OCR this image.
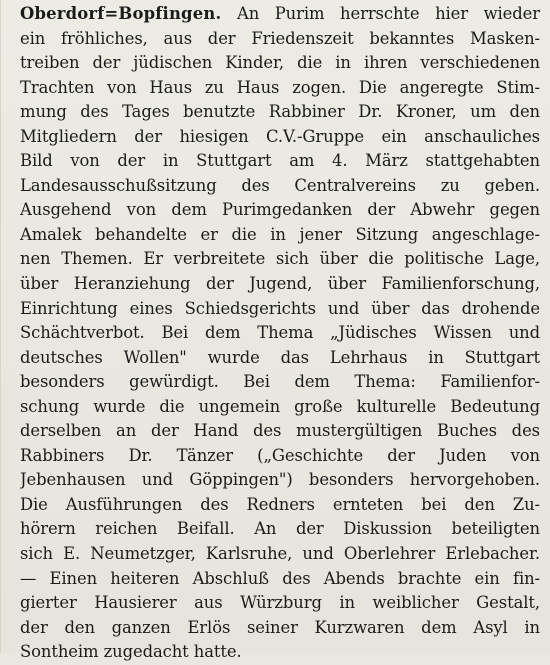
Oberdorf=Bopfingen. An Purim herrschte hier wieder
ein fröhliches, aus der Friedenszeit bekanntes Masken-
treiben der jüdischen Kinder, die in ihren verschiedenen
Trachten von Haus zu Haus zogen. Die angeregte Stim-
mung des Tages benutzte Rabbiner Dr. Kroner, um den
Mitgliedern der hiesigen C.V.-Gruppe ein anschauliches
Bild von der in Stuttgart am 4. März stattgehabten
Landesausschußsitzung des Centralvereins zu geben.
Ausgehend von dem Purimgedanken der Abwehr gegen
Amalek behandelte er die in jener Sitzung angeschlage-
nen Themen. Er verbreitete sich über die politische Lage,
über Heranziehung der Jugend, über Familienforschung,
Einrichtung eines Schiedsgerichts und über das drohende
Schächtverbot. Bei dem Thema „Jüdisches Wissen und
deutsches Wollen" wurde das Lehrhaus in Stuttgart
besonders gewürdigt. Bei dem Thema: Familienfor-
schung wurde die ungemein große kulturelle Bedeutung
derselben an der Hand des mustergültigen Buches des
Rabbiners Dr. Tänzer („Geschichte der Juden von
Jebenhausen und Göppingen") besonders hervorgehoben.
Die Ausführungen des Redners ernteten bei den Zu-
hörern reichen Beifall. An der Diskussion beteiligten
sich E. Neumetzger, Karlsruhe, und Oberlehrer Erlebacher.
— Einen heiteren Abschluß des Abends brachte ein fin-
gierter Hausierer aus Würzburg in weiblicher Gestalt,
der den ganzen Erlös seiner Kurzwaren dem Asyl in
Sontheim zugedacht hatte.
